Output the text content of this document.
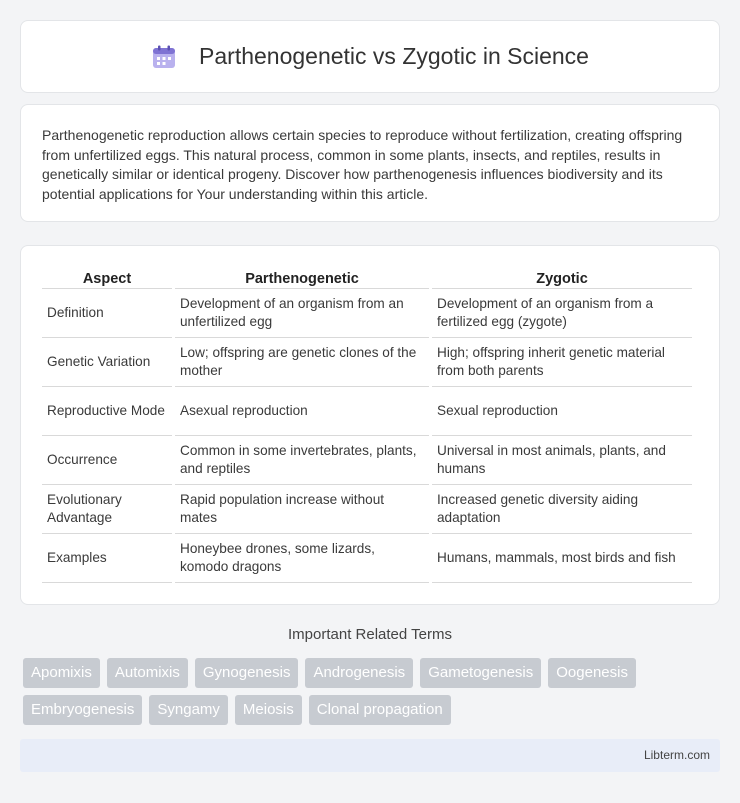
Parthenogenetic vs Zygotic in Science

Parthenogenetic reproduction allows certain species to reproduce without fertilization, creating offspring from unfertilized eggs. This natural process, common in some plants, insects, and reptiles, results in genetically similar or identical progeny. Discover how parthenogenesis influences biodiversity and its potential applications for Your understanding within this article.

Aspect	Parthenogenetic	Zygotic
Definition	Development of an organism from an unfertilized egg	Development of an organism from a fertilized egg (zygote)
Genetic Variation	Low; offspring are genetic clones of the mother	High; offspring inherit genetic material from both parents
Reproductive Mode	Asexual reproduction	Sexual reproduction
Occurrence	Common in some invertebrates, plants, and reptiles	Universal in most animals, plants, and humans
Evolutionary Advantage	Rapid population increase without mates	Increased genetic diversity aiding adaptation
Examples	Honeybee drones, some lizards, komodo dragons	Humans, mammals, most birds and fish
Important Related Terms
Apomixis	Automixis	Gynogenesis	Androgenesis	Gametogenesis	Oogenesis
Embryogenesis	Syngamy	Meiosis	Clonal propagation
Libterm.com
